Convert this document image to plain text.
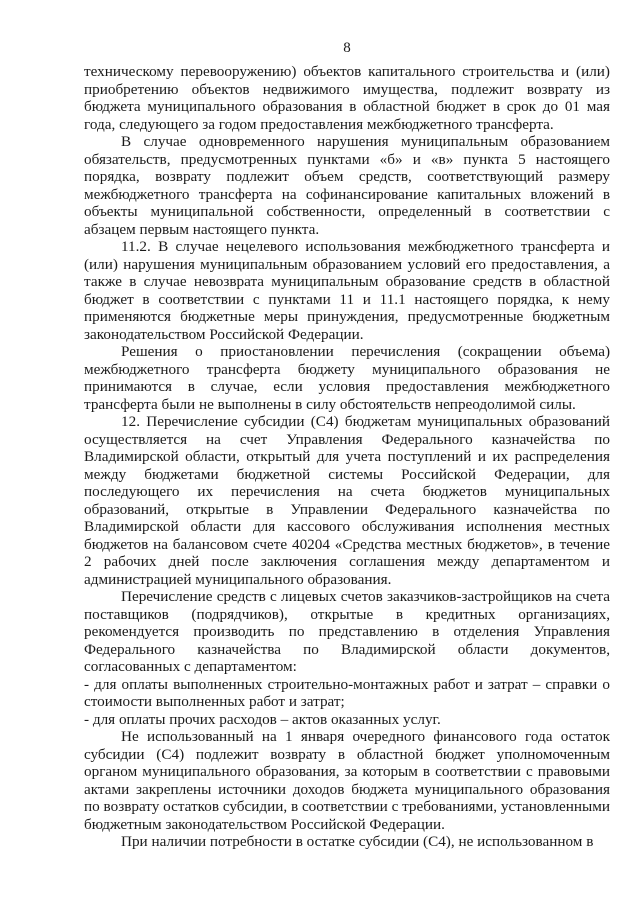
8

техническому перевооружению) объектов капитального строительства и (или) приобретению объектов недвижимого имущества, подлежит возврату из бюджета муниципального образования в областной бюджет в срок до 01 мая года, следующего за годом предоставления межбюджетного трансферта.

В случае одновременного нарушения муниципальным образованием обязательств, предусмотренных пунктами «б» и «в» пункта 5 настоящего порядка, возврату подлежит объем средств, соответствующий размеру межбюджетного трансферта на софинансирование капитальных вложений в объекты муниципальной собственности, определенный в соответствии с абзацем первым настоящего пункта.

11.2. В случае нецелевого использования межбюджетного трансферта и (или) нарушения муниципальным образованием условий его предоставления, а также в случае невозврата муниципальным образование средств в областной бюджет в соответствии с пунктами 11 и 11.1 настоящего порядка, к нему применяются бюджетные меры принуждения, предусмотренные бюджетным законодательством Российской Федерации.

Решения о приостановлении перечисления (сокращении объема) межбюджетного трансферта бюджету муниципального образования не принимаются в случае, если условия предоставления межбюджетного трансферта были не выполнены в силу обстоятельств непреодолимой силы.

12. Перечисление субсидии (С4) бюджетам муниципальных образований осуществляется на счет Управления Федерального казначейства по Владимирской области, открытый для учета поступлений и их распределения между бюджетами бюджетной системы Российской Федерации, для последующего их перечисления на счета бюджетов муниципальных образований, открытые в Управлении Федерального казначейства по Владимирской области для кассового обслуживания исполнения местных бюджетов на балансовом счете 40204 «Средства местных бюджетов», в течение 2 рабочих дней после заключения соглашения между департаментом и администрацией муниципального образования.

Перечисление средств с лицевых счетов заказчиков-застройщиков на счета поставщиков (подрядчиков), открытые в кредитных организациях, рекомендуется производить по представлению в отделения Управления Федерального казначейства по Владимирской области документов, согласованных с департаментом:

- для оплаты выполненных строительно-монтажных работ и затрат – справки о стоимости выполненных работ и затрат;

- для оплаты прочих расходов – актов оказанных услуг.

Не использованный на 1 января очередного финансового года остаток субсидии (С4) подлежит возврату в областной бюджет уполномоченным органом муниципального образования, за которым в соответствии с правовыми актами закреплены источники доходов бюджета муниципального образования по возврату остатков субсидии, в соответствии с требованиями, установленными бюджетным законодательством Российской Федерации.

При наличии потребности в остатке субсидии (С4), не использованном в
